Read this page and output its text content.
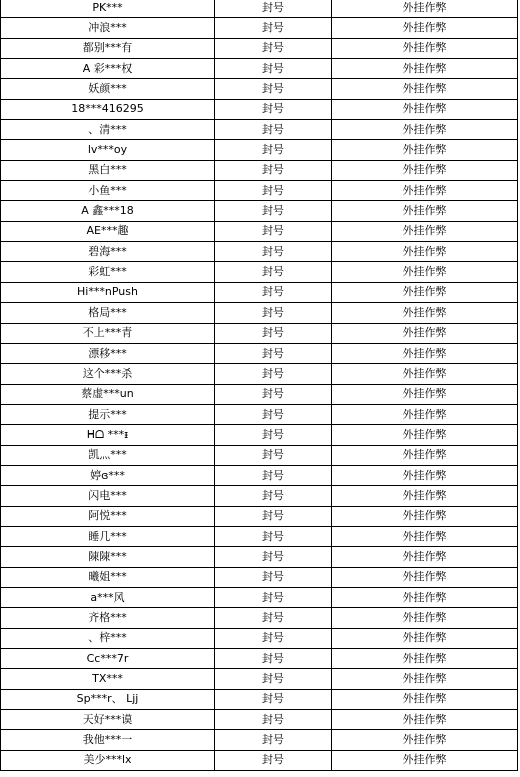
PK***	封号	外挂作弊
冲浪***	封号	外挂作弊
都别***有	封号	外挂作弊
A 彩***权	封号	外挂作弊
妖颜***	封号	外挂作弊
18***416295	封号	外挂作弊
、清***	封号	外挂作弊
lv***oy	封号	外挂作弊
黑白***	封号	外挂作弊
小鱼***	封号	外挂作弊
A 鑫***18	封号	外挂作弊
AE***趣	封号	外挂作弊
碧海***	封号	外挂作弊
彩虹***	封号	外挂作弊
Hi***nPush	封号	外挂作弊
格局***	封号	外挂作弊
不上***青	封号	外挂作弊
漂移***	封号	外挂作弊
这个***杀	封号	外挂作弊
蔡虚***un	封号	外挂作弊
提示***	封号	外挂作弊
ᕼᗝ ***ᵻ	封号	外挂作弊
凯灬***	封号	外挂作弊
婷ɞ***	封号	外挂作弊
闪电***	封号	外挂作弊
阿悦***	封号	外挂作弊
睡几***	封号	外挂作弊
陳陳***	封号	外挂作弊
曦姐***	封号	外挂作弊
a***风	封号	外挂作弊
齐格***	封号	外挂作弊
、梓***	封号	外挂作弊
Cc***7r	封号	外挂作弊
TX***	封号	外挂作弊
Sp***r、 Ljj	封号	外挂作弊
天好***谟	封号	外挂作弊
我他***一	封号	外挂作弊
美少***lx	封号	外挂作弊
